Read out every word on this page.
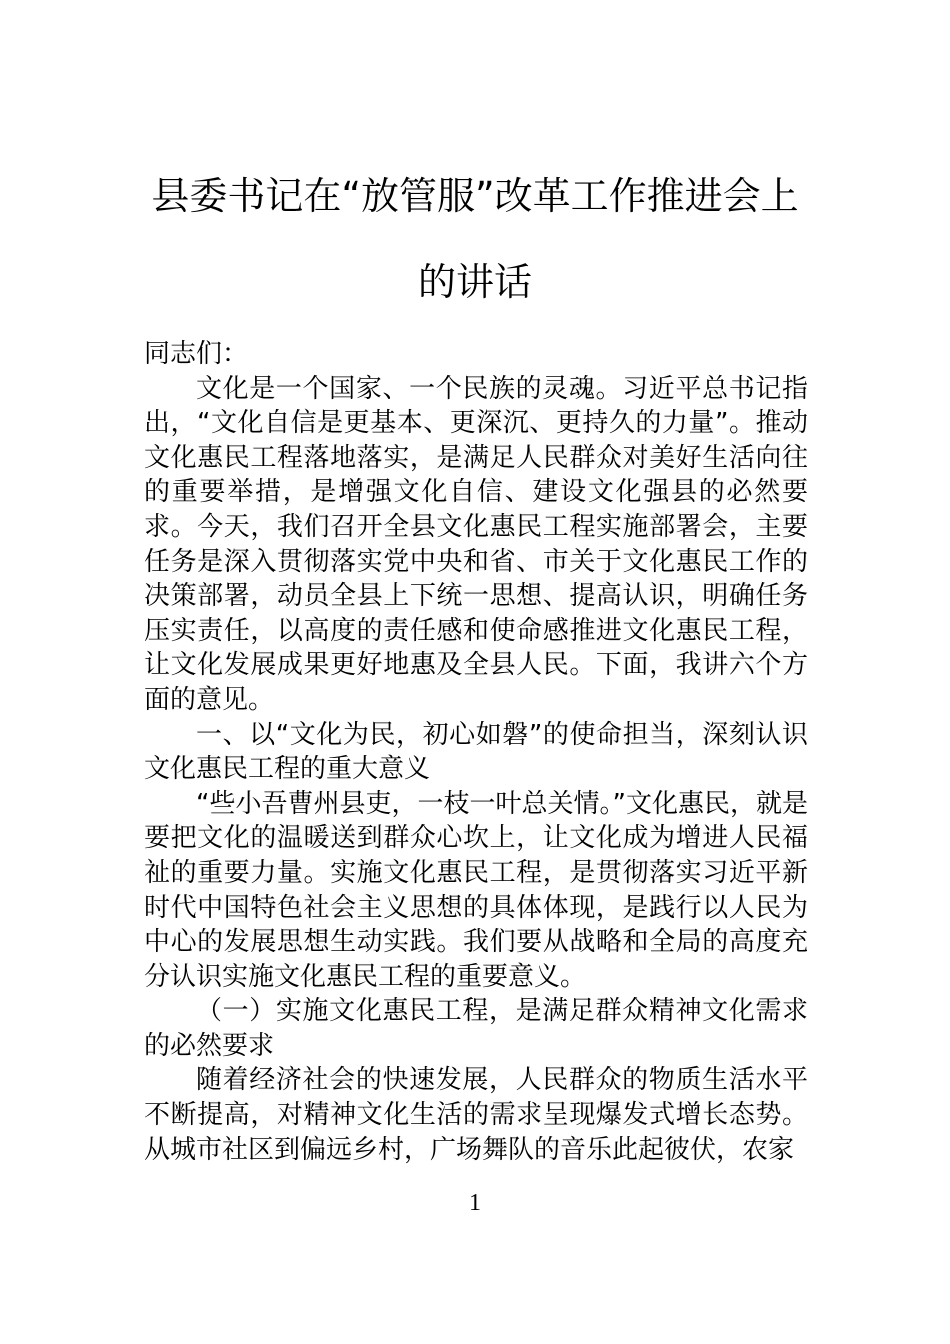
县委书记在“放管服”改革工作推进会上
的讲话

同志们：

文化是一个国家、一个民族的灵魂。习近平总书记指出，“文化自信是更基本、更深沉、更持久的力量”。推动文化惠民工程落地落实，是满足人民群众对美好生活向往的重要举措，是增强文化自信、建设文化强县的必然要求。今天，我们召开全县文化惠民工程实施部署会，主要任务是深入贯彻落实党中央和省、市关于文化惠民工作的决策部署，动员全县上下统一思想、提高认识，明确任务压实责任，以高度的责任感和使命感推进文化惠民工程，让文化发展成果更好地惠及全县人民。下面，我讲六个方面的意见。

一、以“文化为民，初心如磐”的使命担当，深刻认识文化惠民工程的重大意义

“些小吾曹州县吏，一枝一叶总关情。”文化惠民，就是要把文化的温暖送到群众心坎上，让文化成为增进人民福祉的重要力量。实施文化惠民工程，是贯彻落实习近平新时代中国特色社会主义思想的具体体现，是践行以人民为中心的发展思想生动实践。我们要从战略和全局的高度充分认识实施文化惠民工程的重要意义。

（一）实施文化惠民工程，是满足群众精神文化需求的必然要求

随着经济社会的快速发展，人民群众的物质生活水平不断提高，对精神文化生活的需求呈现爆发式增长态势。从城市社区到偏远乡村，广场舞队的音乐此起彼伏，农家

1
